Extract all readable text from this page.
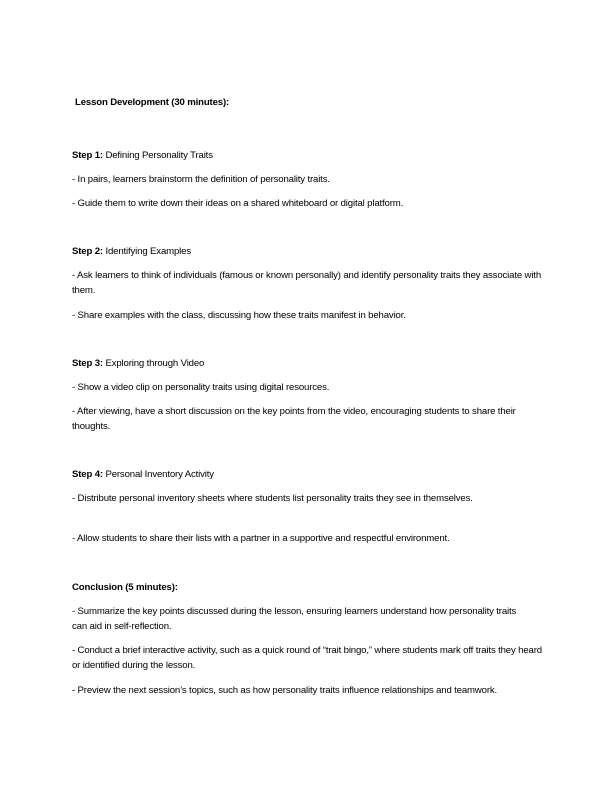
Lesson Development (30 minutes):

Step 1: Defining Personality Traits

- In pairs, learners brainstorm the definition of personality traits.

- Guide them to write down their ideas on a shared whiteboard or digital platform.

Step 2: Identifying Examples

- Ask learners to think of individuals (famous or known personally) and identify personality traits they associate with them.

- Share examples with the class, discussing how these traits manifest in behavior.

Step 3: Exploring through Video

- Show a video clip on personality traits using digital resources.

- After viewing, have a short discussion on the key points from the video, encouraging students to share their thoughts.

Step 4: Personal Inventory Activity

- Distribute personal inventory sheets where students list personality traits they see in themselves.

- Allow students to share their lists with a partner in a supportive and respectful environment.

Conclusion (5 minutes):

- Summarize the key points discussed during the lesson, ensuring learners understand how personality traits can aid in self-reflection.

- Conduct a brief interactive activity, such as a quick round of “trait bingo,” where students mark off traits they heard or identified during the lesson.

- Preview the next session’s topics, such as how personality traits influence relationships and teamwork.
